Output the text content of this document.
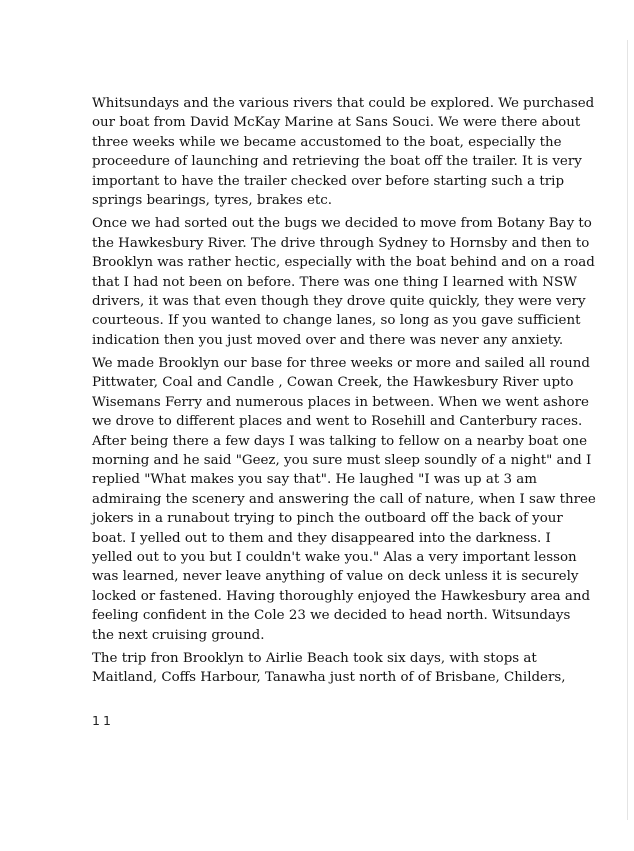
Whitsundays and the various rivers that could be explored. We purchased
our boat from David McKay Marine at Sans Souci. We were there about
three weeks while we became accustomed to the boat, especially the
proceedure of launching and retrieving the boat off the trailer. It is very
important to have the trailer checked over before starting such a trip
springs bearings, tyres, brakes etc.
Once we had sorted out the bugs we decided to move from Botany Bay to
the Hawkesbury River. The drive through Sydney to Hornsby and then to
Brooklyn was rather hectic, especially with the boat behind and on a road
that I had not been on before. There was one thing I learned with NSW
drivers, it was that even though they drove quite quickly, they were very
courteous. If you wanted to change lanes, so long as you gave sufficient
indication then you just moved over and there was never any anxiety.
We made Brooklyn our base for three weeks or more and sailed all round
Pittwater, Coal and Candle , Cowan Creek, the Hawkesbury River upto
Wisemans Ferry and numerous places in between. When we went ashore
we drove to different places and went to Rosehill and Canterbury races.
After being there a few days I was talking to fellow on a nearby boat one
morning and he said "Geez, you sure must sleep soundly of a night" and I
replied "What makes you say that". He laughed "I was up at 3 am
admiraing the scenery and answering the call of nature, when I saw three
jokers in a runabout trying to pinch the outboard off the back of your
boat. I yelled out to them and they disappeared into the darkness. I
yelled out to you but I couldn't wake you." Alas a very important lesson
was learned, never leave anything of value on deck unless it is securely
locked or fastened. Having thoroughly enjoyed the Hawkesbury area and
feeling confident in the Cole 23 we decided to head north. Witsundays
the next cruising ground.
The trip fron Brooklyn to Airlie Beach took six days, with stops at
Maitland, Coffs Harbour, Tanawha just north of of Brisbane, Childers,
11
